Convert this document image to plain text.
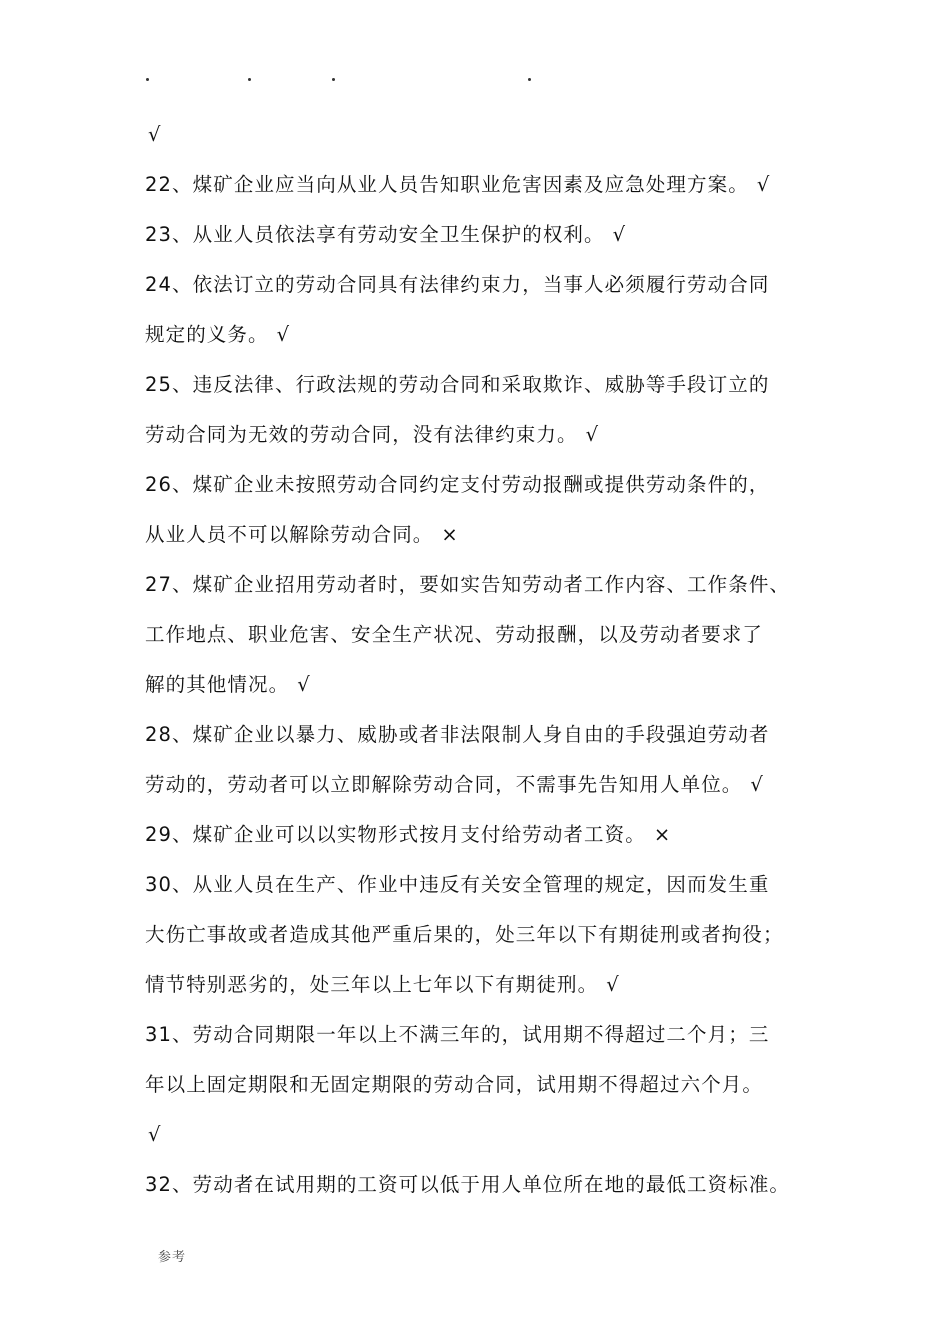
√
22、煤矿企业应当向从业人员告知职业危害因素及应急处理方案。 √
23、从业人员依法享有劳动安全卫生保护的权利。√
24、依法订立的劳动合同具有法律约束力，当事人必须履行劳动合同
规定的义务。√
25、违反法律、行政法规的劳动合同和采取欺诈、威胁等手段订立的
劳动合同为无效的劳动合同，没有法律约束力。√
26、煤矿企业未按照劳动合同约定支付劳动报酬或提供劳动条件的，
从业人员不可以解除劳动合同。×
27、煤矿企业招用劳动者时，要如实告知劳动者工作内容、工作条件、
工作地点、职业危害、安全生产状况、劳动报酬，以及劳动者要求了
解的其他情况。√
28、煤矿企业以暴力、威胁或者非法限制人身自由的手段强迫劳动者
劳动的，劳动者可以立即解除劳动合同，不需事先告知用人单位。 √
29、煤矿企业可以以实物形式按月支付给劳动者工资。×
30、从业人员在生产、作业中违反有关安全管理的规定，因而发生重
大伤亡事故或者造成其他严重后果的，处三年以下有期徒刑或者拘役；
情节特别恶劣的，处三年以上七年以下有期徒刑。√
31、劳动合同期限一年以上不满三年的，试用期不得超过二个月；三
年以上固定期限和无固定期限的劳动合同，试用期不得超过六个月。
√
32、劳动者在试用期的工资可以低于用人单位所在地的最低工资标准。
参考
